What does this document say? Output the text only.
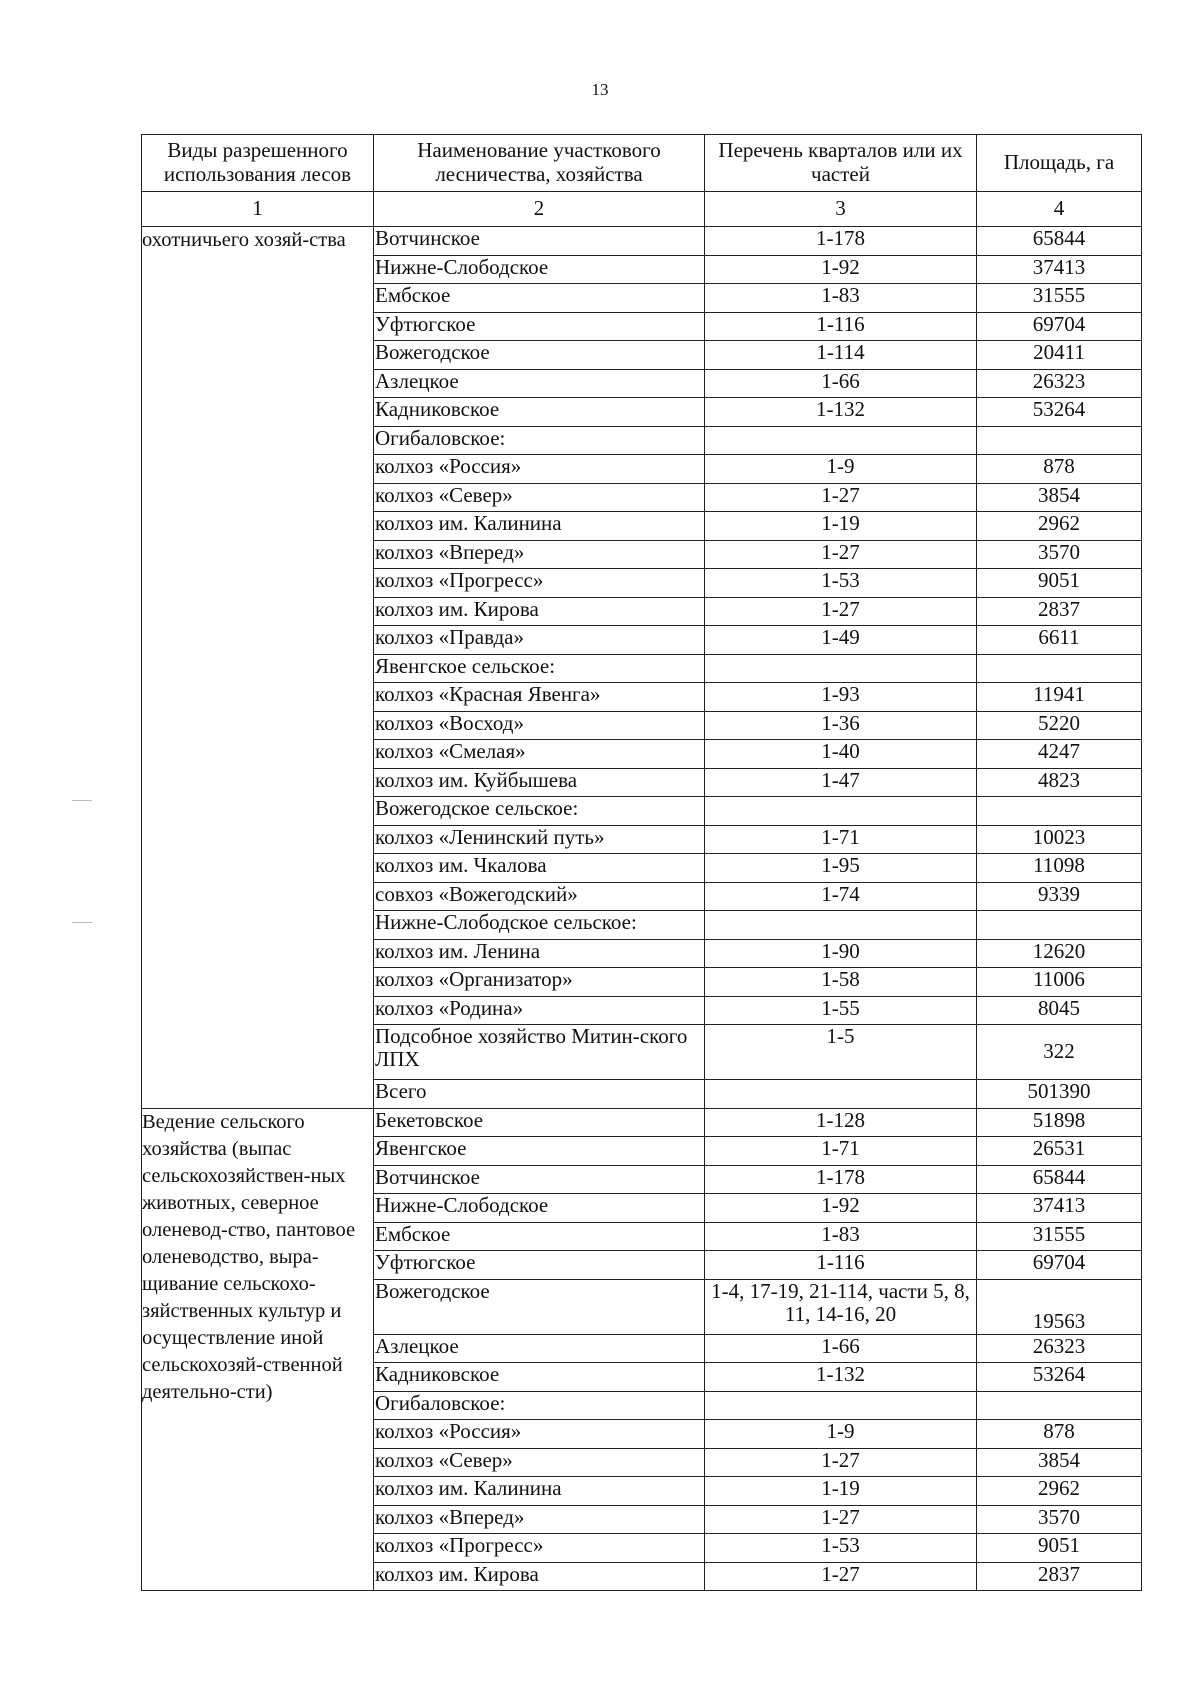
13
Виды разрешенного использования лесов	Наименование участкового лесничества, хозяйства	Перечень кварталов или их частей	Площадь, га
1	2	3	4
охотничьего хозяй-ства	Вотчинское	1-178	65844
	Нижне-Слободское	1-92	37413
	Ембское	1-83	31555
	Уфтюгское	1-116	69704
	Вожегодское	1-114	20411
	Азлецкое	1-66	26323
	Кадниковское	1-132	53264
	Огибаловское:		
	колхоз «Россия»	1-9	878
	колхоз «Север»	1-27	3854
	колхоз им. Калинина	1-19	2962
	колхоз «Вперед»	1-27	3570
	колхоз «Прогресс»	1-53	9051
	колхоз им. Кирова	1-27	2837
	колхоз «Правда»	1-49	6611
	Явенгское сельское:		
	колхоз «Красная Явенга»	1-93	11941
	колхоз «Восход»	1-36	5220
	колхоз «Смелая»	1-40	4247
	колхоз им. Куйбышева	1-47	4823
	Вожегодское сельское:		
	колхоз «Ленинский путь»	1-71	10023
	колхоз им. Чкалова	1-95	11098
	совхоз «Вожегодский»	1-74	9339
	Нижне-Слободское сельское:		
	колхоз им. Ленина	1-90	12620
	колхоз «Организатор»	1-58	11006
	колхоз «Родина»	1-55	8045
	Подсобное хозяйство Митин-ского ЛПХ	1-5	322
	Всего		501390
Ведение сельского хозяйства (выпас сельскохозяйствен-ных животных, северное оленевод-ство, пантовое оленеводство, выра-щивание сельскохо-зяйственных культур и осуществление иной сельскохозяй-ственной деятельно-сти)	Бекетовское	1-128	51898
	Явенгское	1-71	26531
	Вотчинское	1-178	65844
	Нижне-Слободское	1-92	37413
	Ембское	1-83	31555
	Уфтюгское	1-116	69704
	Вожегодское	1-4, 17-19, 21-114, части 5, 8, 11, 14-16, 20	19563
	Азлецкое	1-66	26323
	Кадниковское	1-132	53264
	Огибаловское:		
	колхоз «Россия»	1-9	878
	колхоз «Север»	1-27	3854
	колхоз им. Калинина	1-19	2962
	колхоз «Вперед»	1-27	3570
	колхоз «Прогресс»	1-53	9051
	колхоз им. Кирова	1-27	2837
